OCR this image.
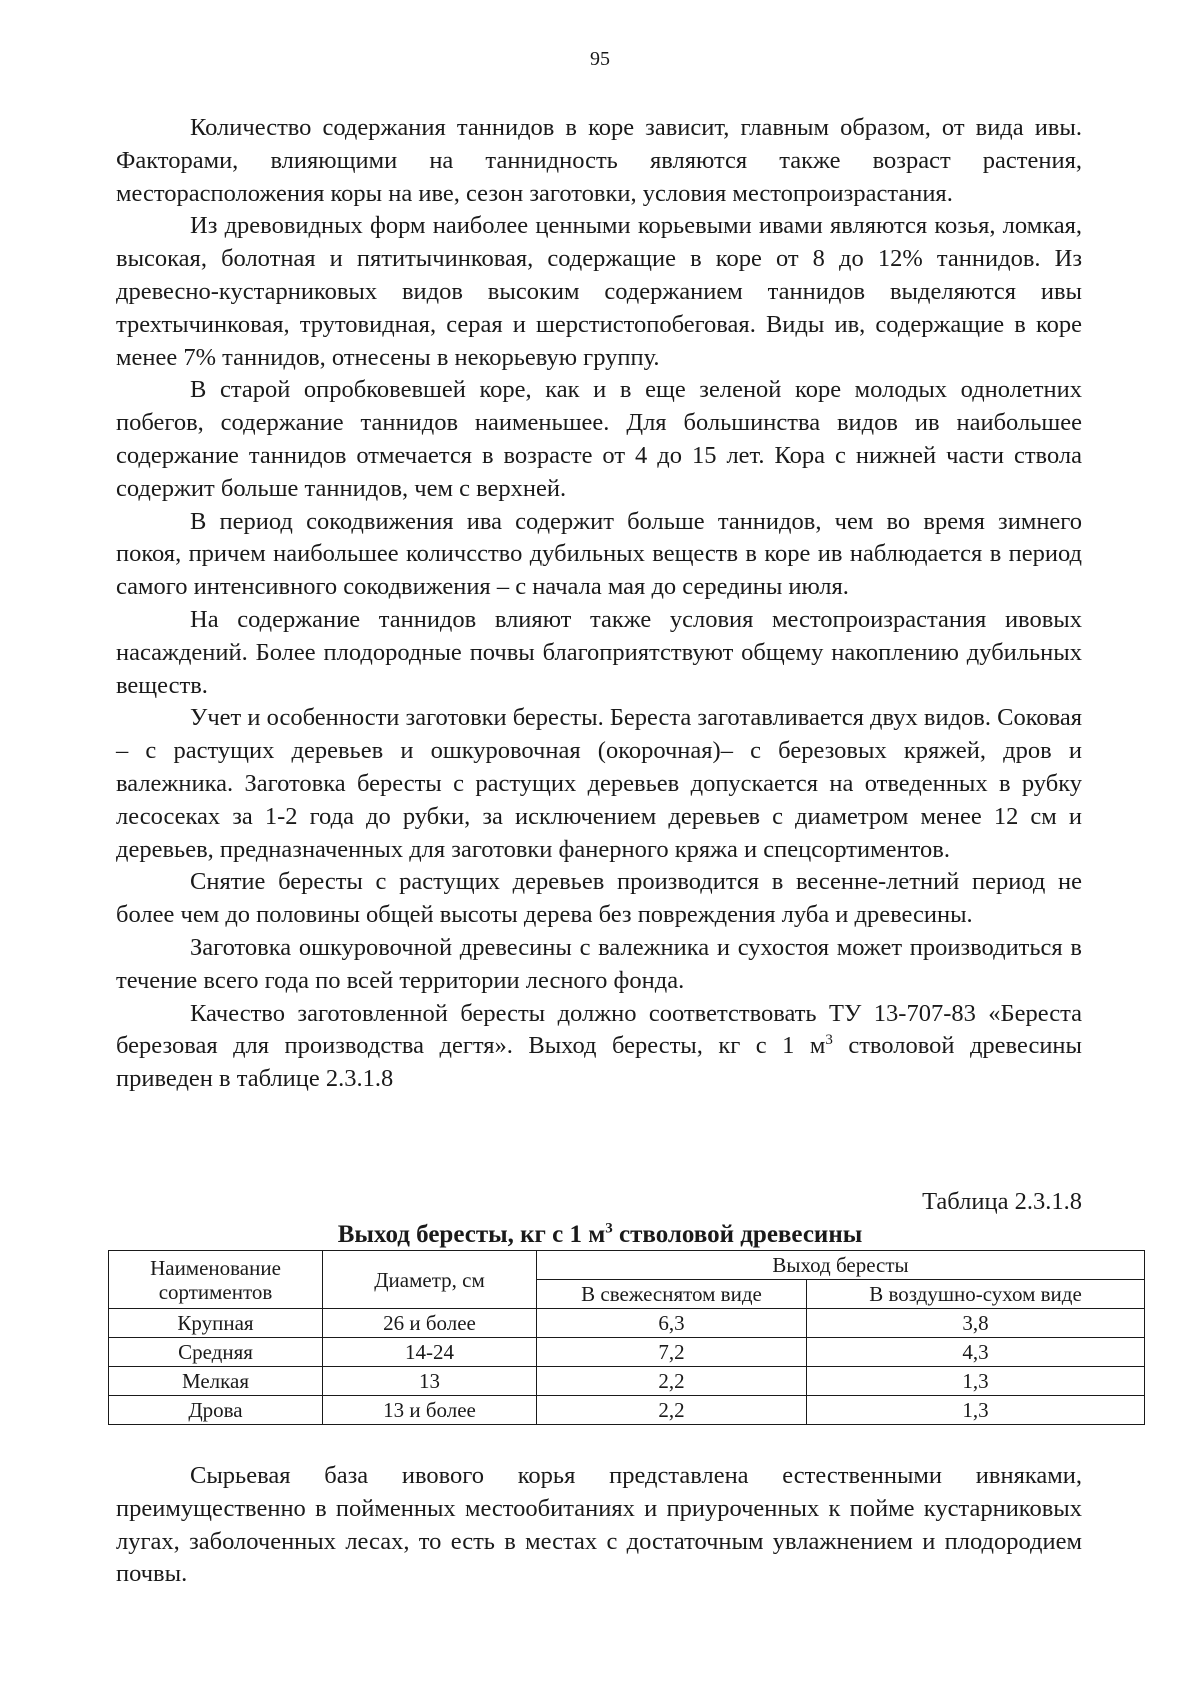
95

Количество содержания таннидов в коре зависит, главным образом, от вида ивы. Факторами, влияющими на таннидность являются также возраст растения, месторасположения коры на иве, сезон заготовки, условия местопроизрастания.

Из древовидных форм наиболее ценными корьевыми ивами являются козья, ломкая, высокая, болотная и пятитычинковая, содержащие в коре от 8 до 12% таннидов. Из древесно-кустарниковых видов высоким содержанием таннидов выделяются ивы трехтычинковая, трутовидная, серая и шерстистопобеговая. Виды ив, содержащие в коре менее 7% таннидов, отнесены в некорьевую группу.

В старой опробковевшей коре, как и в еще зеленой коре молодых однолетних побегов, содержание таннидов наименьшее. Для большинства видов ив наибольшее содержание таннидов отмечается в возрасте от 4 до 15 лет. Кора с нижней части ствола содержит больше таннидов, чем с верхней.

В период сокодвижения ива содержит больше таннидов, чем во время зимнего покоя, причем наибольшее количсство дубильных веществ в коре ив наблюдается в период самого интенсивного сокодвижения – с начала мая до середины июля.

На содержание таннидов влияют также условия местопроизрастания ивовых насаждений. Более плодородные почвы благоприятствуют общему накоплению дубильных веществ.

Учет и особенности заготовки бересты. Береста заготавливается двух видов. Соковая – с растущих деревьев и ошкуровочная (окорочная)– с березовых кряжей, дров и валежника. Заготовка бересты с растущих деревьев допускается на отведенных в рубку лесосеках за 1-2 года до рубки, за исключением деревьев с диаметром менее 12 см и деревьев, предназначенных для заготовки фанерного кряжа и спецсортиментов.

Снятие бересты с растущих деревьев производится в весенне-летний период не более чем до половины общей высоты дерева без повреждения луба и древесины.

Заготовка ошкуровочной древесины с валежника и сухостоя может производиться в течение всего года по всей территории лесного фонда.

Качество заготовленной бересты должно соответствовать ТУ 13-707-83 «Береста березовая для производства дегтя». Выход бересты, кг с 1 $м^3$ стволовой древесины приведен в таблице 2.3.1.8

Таблица 2.3.1.8
Выход бересты, кг с 1 $м^3$ стволовой древесины
Наименование сортиментов	Диаметр, см	Выход бересты	
		В свежеснятом виде	В воздушно-сухом виде
Крупная	26 и более	6,3	3,8
Средняя	14-24	7,2	4,3
Мелкая	13	2,2	1,3
Дрова	13 и более	2,2	1,3

Сырьевая база ивового корья представлена естественными ивняками, преимущественно в пойменных местообитаниях и приуроченных к пойме кустарниковых лугах, заболоченных лесах, то есть в местах с достаточным увлажнением и плодородием почвы.
